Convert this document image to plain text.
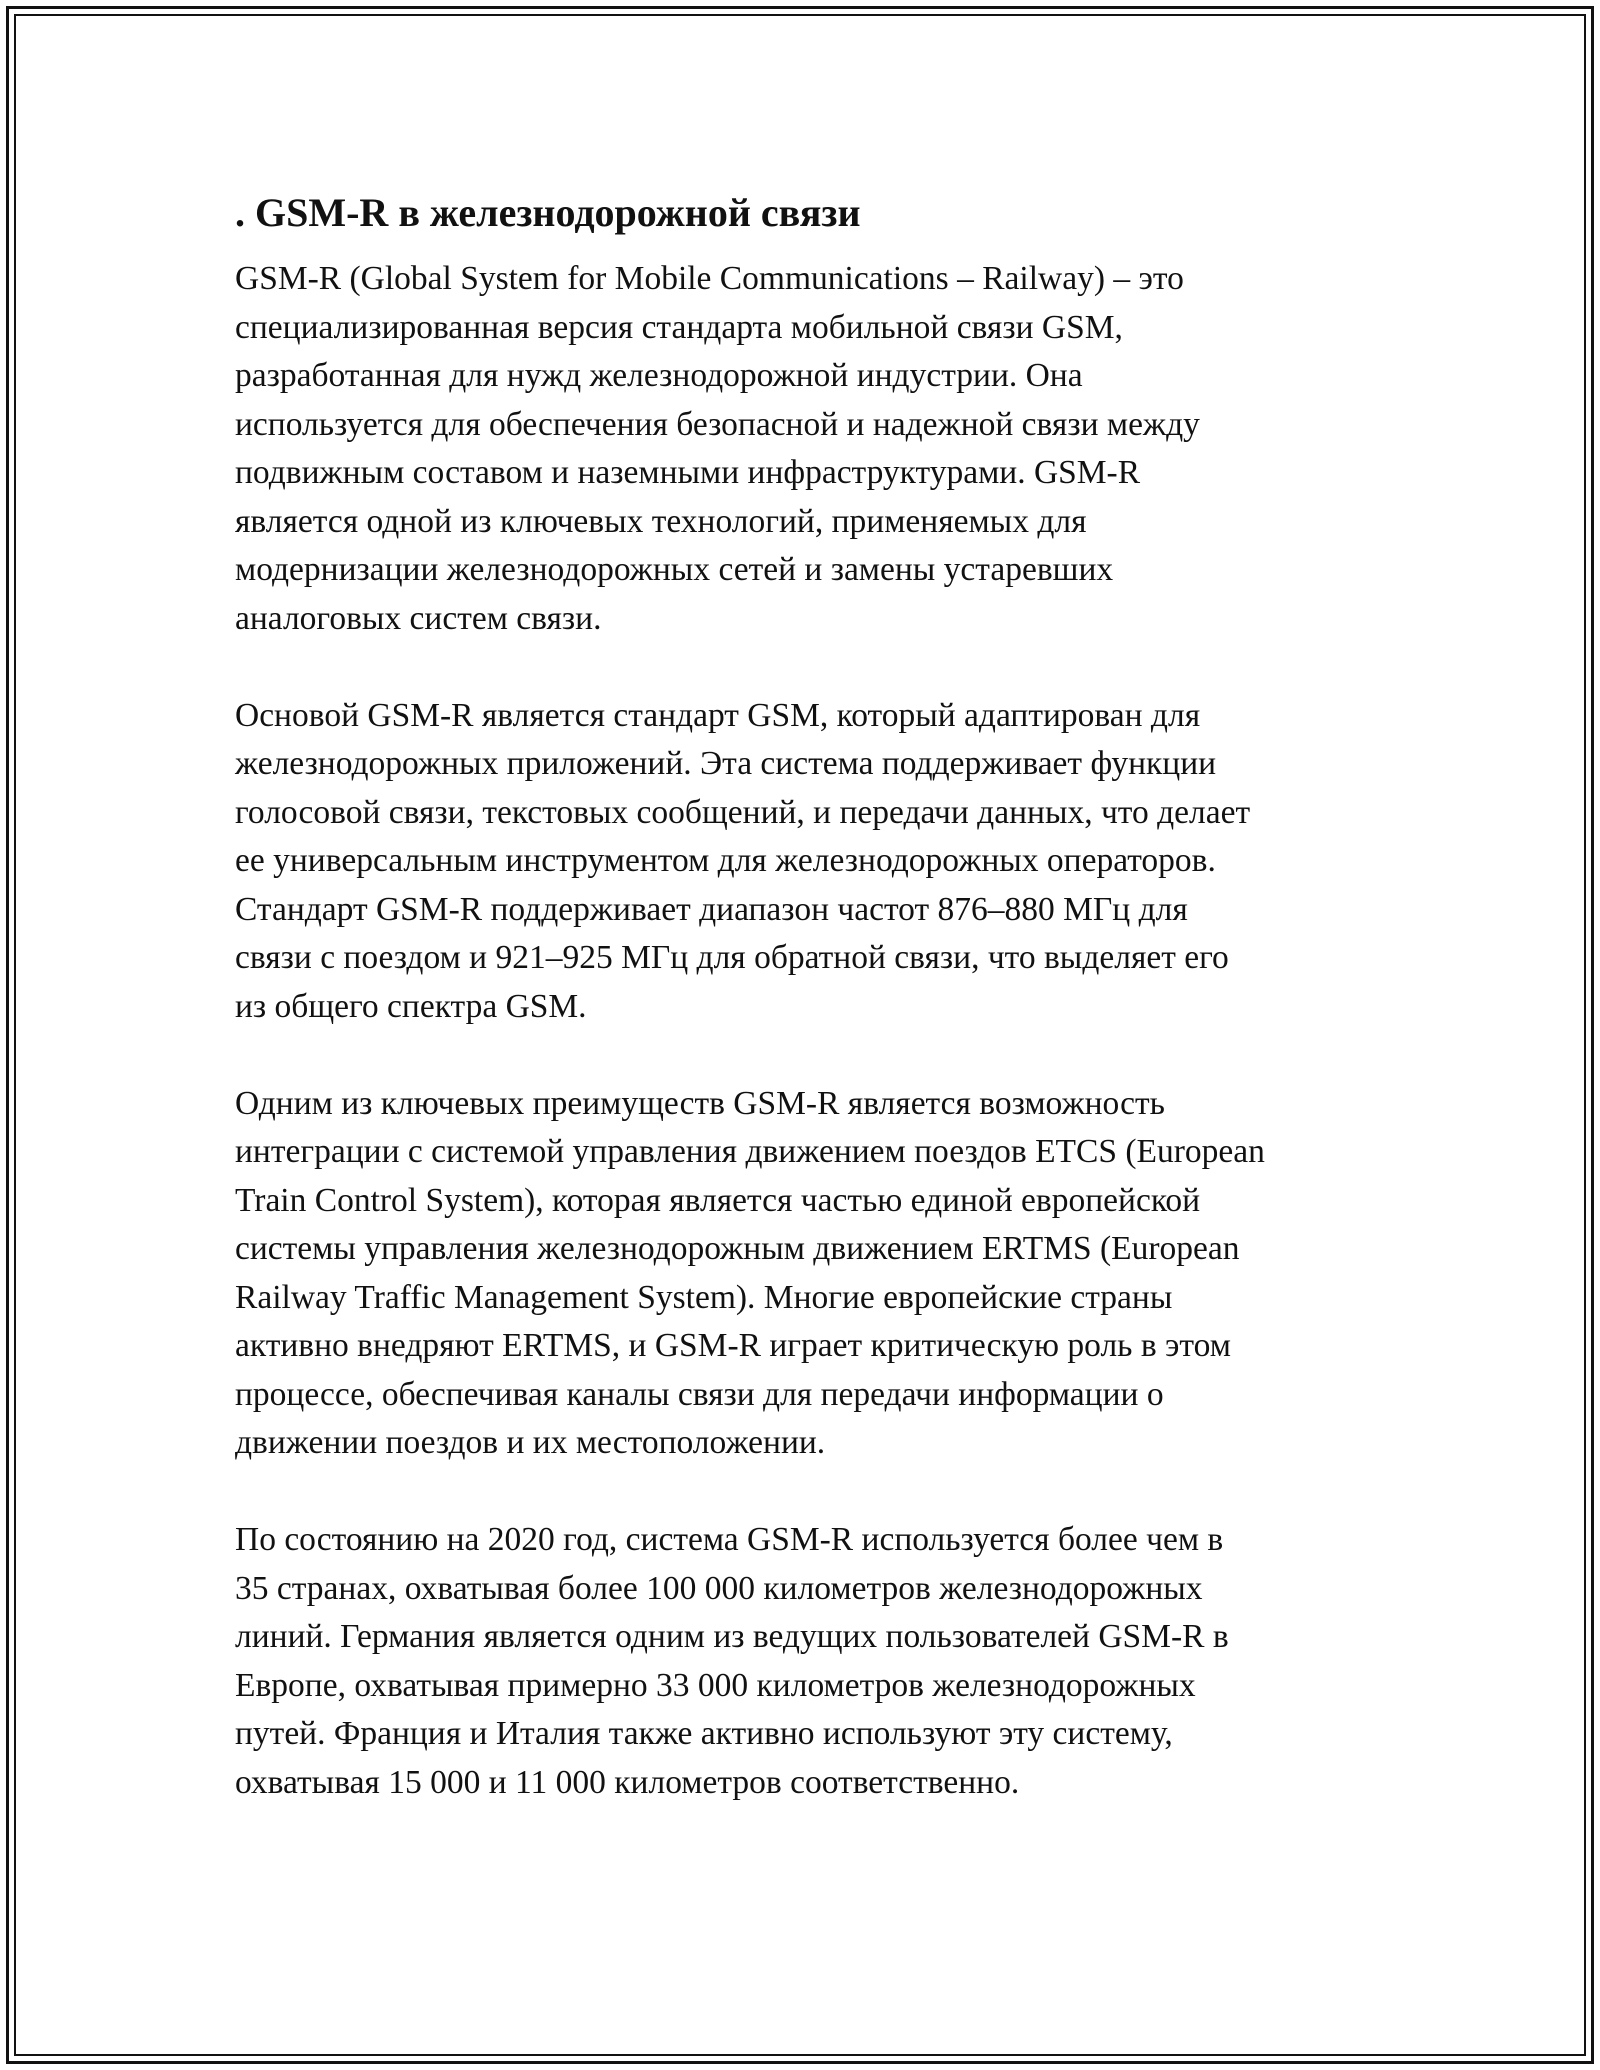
. GSM-R в железнодорожной связи

GSM-R (Global System for Mobile Communications – Railway) – это
специализированная версия стандарта мобильной связи GSM,
разработанная для нужд железнодорожной индустрии. Она
используется для обеспечения безопасной и надежной связи между
подвижным составом и наземными инфраструктурами. GSM-R
является одной из ключевых технологий, применяемых для
модернизации железнодорожных сетей и замены устаревших
аналоговых систем связи.

Основой GSM-R является стандарт GSM, который адаптирован для
железнодорожных приложений. Эта система поддерживает функции
голосовой связи, текстовых сообщений, и передачи данных, что делает
ее универсальным инструментом для железнодорожных операторов.
Стандарт GSM-R поддерживает диапазон частот 876–880 МГц для
связи с поездом и 921–925 МГц для обратной связи, что выделяет его
из общего спектра GSM.

Одним из ключевых преимуществ GSM-R является возможность
интеграции с системой управления движением поездов ETCS (European
Train Control System), которая является частью единой европейской
системы управления железнодорожным движением ERTMS (European
Railway Traffic Management System). Многие европейские страны
активно внедряют ERTMS, и GSM-R играет критическую роль в этом
процессе, обеспечивая каналы связи для передачи информации о
движении поездов и их местоположении.

По состоянию на 2020 год, система GSM-R используется более чем в
35 странах, охватывая более 100 000 километров железнодорожных
линий. Германия является одним из ведущих пользователей GSM-R в
Европе, охватывая примерно 33 000 километров железнодорожных
путей. Франция и Италия также активно используют эту систему,
охватывая 15 000 и 11 000 километров соответственно.
